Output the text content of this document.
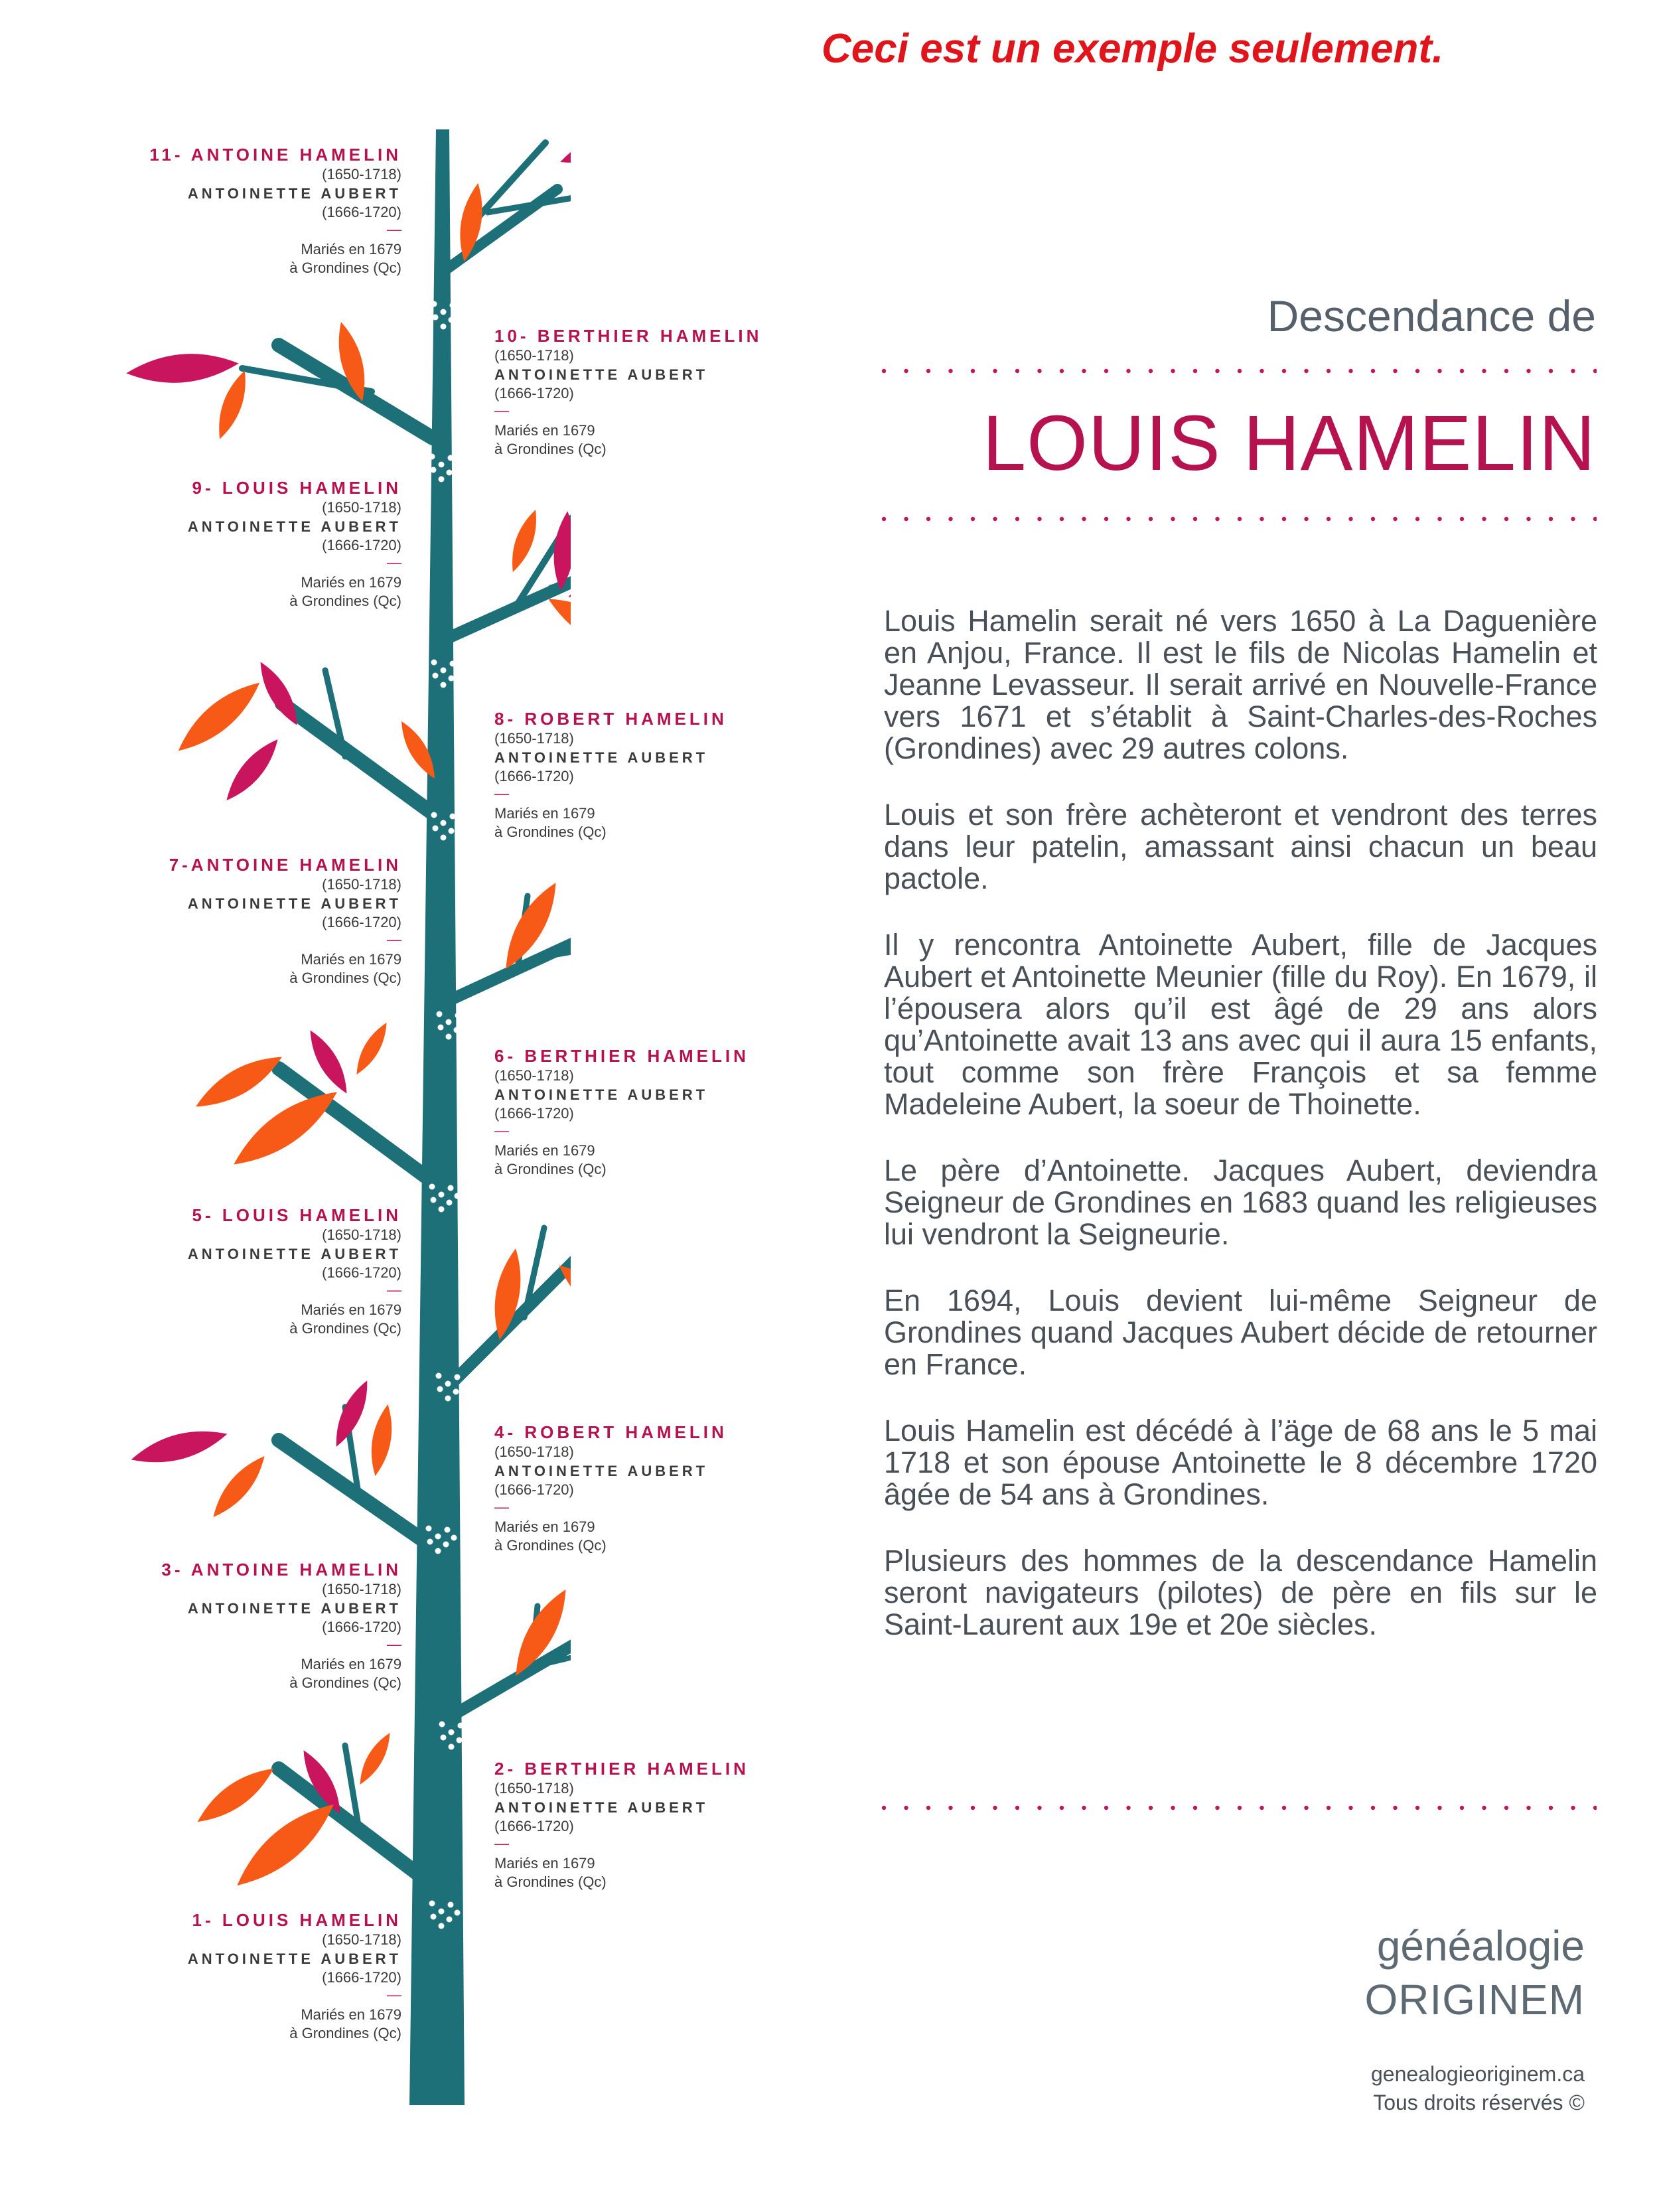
Ceci est un exemple seulement.
Descendance de
LOUIS HAMELIN

Louis Hamelin serait né vers 1650 à La Daguenière en Anjou, France. Il est le fils de Nicolas Hamelin et Jeanne Levasseur. Il serait arrivé en Nouvelle-France vers 1671 et s’établit à Saint-Charles-des-Roches (Grondines) avec 29 autres colons.

Louis et son frère achèteront et vendront des terres dans leur patelin, amassant ainsi chacun un beau pactole.

Il y rencontra Antoinette Aubert, fille de Jacques Aubert et Antoinette Meunier (fille du Roy). En 1679, il l’épousera alors qu’il est âgé de 29 ans alors qu’Antoinette avait 13 ans avec qui il aura 15 enfants, tout comme son frère François et sa femme Madeleine Aubert, la soeur de Thoinette.

Le père d’Antoinette. Jacques Aubert, deviendra Seigneur de Grondines en 1683 quand les religieuses lui vendront la Seigneurie.

En 1694, Louis devient lui-même Seigneur de Grondines quand Jacques Aubert décide de retourner en France.

Louis Hamelin est décédé à l’äge de 68 ans le 5 mai 1718 et son épouse Antoinette le 8 décembre 1720 âgée de 54 ans à Grondines.

Plusieurs des hommes de la descendance Hamelin seront navigateurs (pilotes) de père en fils sur le Saint-Laurent aux 19e et 20e siècles.

généalogie
ORIGINEM
genealogieoriginem.ca
Tous droits réservés ©
11- ANTOINE HAMELIN
(1650-1718)
ANTOINETTE AUBERT
(1666-1720)
—
Mariés en 1679
à Grondines (Qc)
10- BERTHIER HAMELIN
(1650-1718)
ANTOINETTE AUBERT
(1666-1720)
—
Mariés en 1679
à Grondines (Qc)
9- LOUIS HAMELIN
(1650-1718)
ANTOINETTE AUBERT
(1666-1720)
—
Mariés en 1679
à Grondines (Qc)
8- ROBERT HAMELIN
(1650-1718)
ANTOINETTE AUBERT
(1666-1720)
—
Mariés en 1679
à Grondines (Qc)
7-ANTOINE HAMELIN
(1650-1718)
ANTOINETTE AUBERT
(1666-1720)
—
Mariés en 1679
à Grondines (Qc)
6- BERTHIER HAMELIN
(1650-1718)
ANTOINETTE AUBERT
(1666-1720)
—
Mariés en 1679
à Grondines (Qc)
5- LOUIS HAMELIN
(1650-1718)
ANTOINETTE AUBERT
(1666-1720)
—
Mariés en 1679
à Grondines (Qc)
4- ROBERT HAMELIN
(1650-1718)
ANTOINETTE AUBERT
(1666-1720)
—
Mariés en 1679
à Grondines (Qc)
3- ANTOINE HAMELIN
(1650-1718)
ANTOINETTE AUBERT
(1666-1720)
—
Mariés en 1679
à Grondines (Qc)
2- BERTHIER HAMELIN
(1650-1718)
ANTOINETTE AUBERT
(1666-1720)
—
Mariés en 1679
à Grondines (Qc)
1- LOUIS HAMELIN
(1650-1718)
ANTOINETTE AUBERT
(1666-1720)
—
Mariés en 1679
à Grondines (Qc)
